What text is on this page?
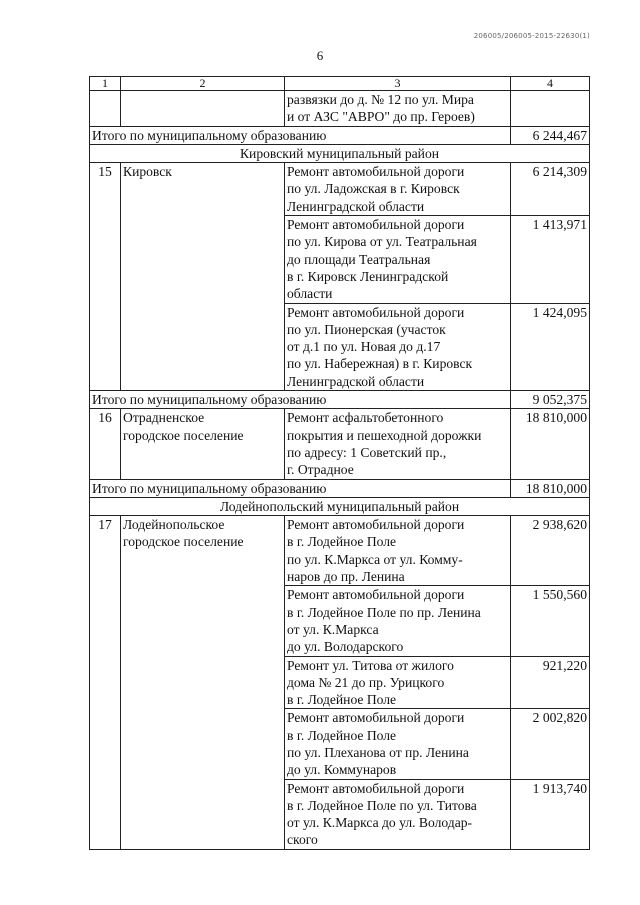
206005/206005-2015-22630(1)
6
1	2	3	4
		развязки до д. № 12 по ул. Мира
и от АЗС "АВРО" до пр. Героев)	
Итого по муниципальному образованию			6 244,467
Кировский муниципальный район			
15	Кировск	Ремонт автомобильной дороги
по ул. Ладожская в г. Кировск
Ленинградской области	6 214,309
		Ремонт автомобильной дороги
по ул. Кирова от ул. Театральная
до площади Театральная
в г. Кировск Ленинградской
области	1 413,971
		Ремонт автомобильной дороги
по ул. Пионерская (участок
от д.1 по ул. Новая до д.17
по ул. Набережная) в г. Кировск
Ленинградской области	1 424,095
Итого по муниципальному образованию			9 052,375
16	Отрадненское
городское поселение	Ремонт асфальтобетонного
покрытия и пешеходной дорожки
по адресу: 1 Советский пр.,
г. Отрадное	18 810,000
Итого по муниципальному образованию			18 810,000
Лодейнопольский муниципальный район			
17	Лодейнопольское
городское поселение	Ремонт автомобильной дороги
в г. Лодейное Поле
по ул. К.Маркса от ул. Комму-
наров до пр. Ленина	2 938,620
		Ремонт автомобильной дороги
в г. Лодейное Поле по пр. Ленина
от ул. К.Маркса
до ул. Володарского	1 550,560
		Ремонт ул. Титова от жилого
дома № 21 до пр. Урицкого
в г. Лодейное Поле	921,220
		Ремонт автомобильной дороги
в г. Лодейное Поле
по ул. Плеханова от пр. Ленина
до ул. Коммунаров	2 002,820
		Ремонт автомобильной дороги
в г. Лодейное Поле по ул. Титова
от ул. К.Маркса до ул. Володар-
ского	1 913,740
